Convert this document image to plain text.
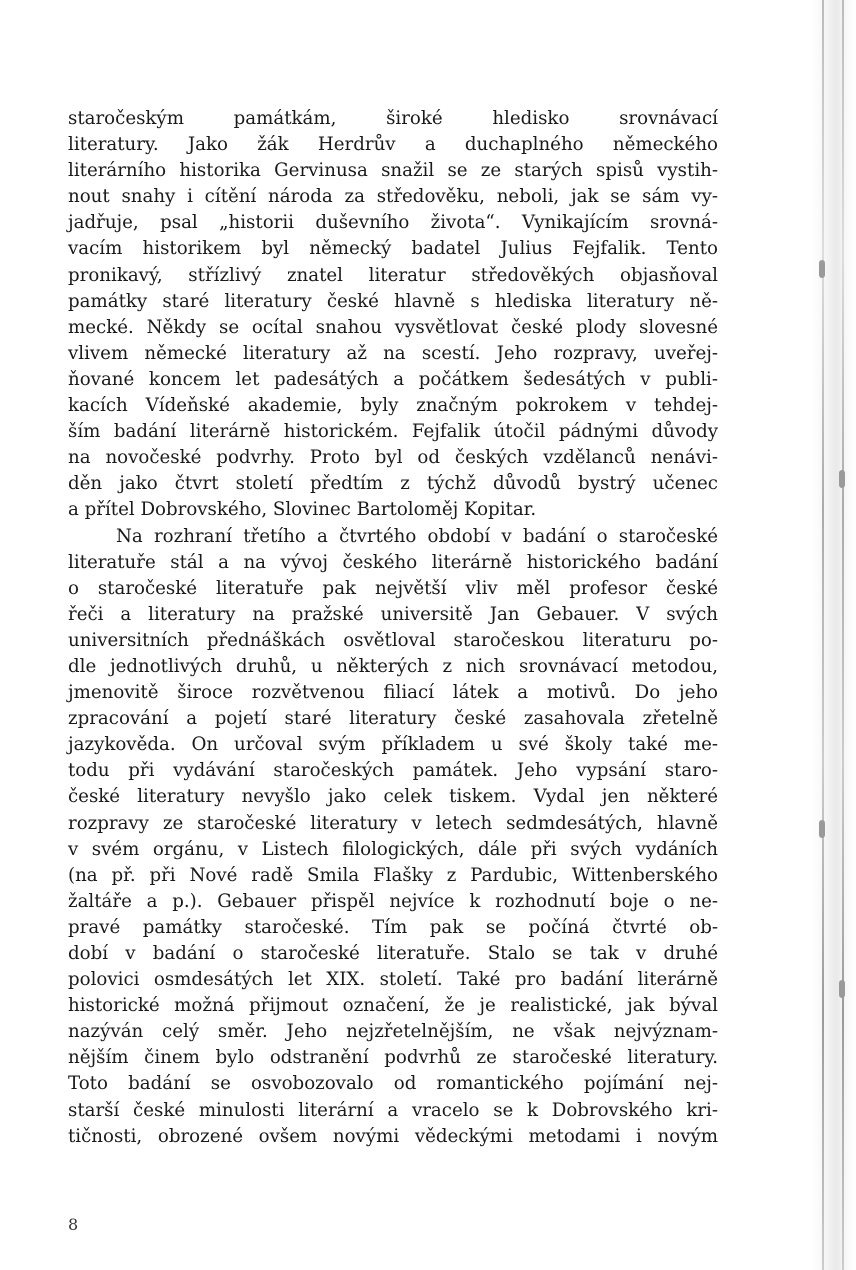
staročeským památkám, široké hledisko srovnávací
literatury. Jako žák Herdrův a duchaplného německého
literárního historika Gervinusa snažil se ze starých spisů vystih-
nout snahy i cítění národa za středověku, neboli, jak se sám vy-
jadřuje, psal „historii duševního života“. Vynikajícím srovná-
vacím historikem byl německý badatel Julius Fejfalik. Tento
pronikavý, střízlivý znatel literatur středověkých objasňoval
památky staré literatury české hlavně s hlediska literatury ně-
mecké. Někdy se ocítal snahou vysvětlovat české plody slovesné
vlivem německé literatury až na scestí. Jeho rozpravy, uveřej-
ňované koncem let padesátých a počátkem šedesátých v publi-
kacích Vídeňské akademie, byly značným pokrokem v tehdej-
ším badání literárně historickém. Fejfalik útočil pádnými důvody
na novočeské podvrhy. Proto byl od českých vzdělanců nenávi-
děn jako čtvrt století předtím z týchž důvodů bystrý učenec
a přítel Dobrovského, Slovinec Bartoloměj Kopitar.
Na rozhraní třetího a čtvrtého období v badání o staročeské
literatuře stál a na vývoj českého literárně historického badání
o staročeské literatuře pak největší vliv měl profesor české
řeči a literatury na pražské universitě Jan Gebauer. V svých
universitních přednáškách osvětloval staročeskou literaturu po-
dle jednotlivých druhů, u některých z nich srovnávací metodou,
jmenovitě široce rozvětvenou filiací látek a motivů. Do jeho
zpracování a pojetí staré literatury české zasahovala zřetelně
jazykověda. On určoval svým příkladem u své školy také me-
todu při vydávání staročeských památek. Jeho vypsání staro-
české literatury nevyšlo jako celek tiskem. Vydal jen některé
rozpravy ze staročeské literatury v letech sedmdesátých, hlavně
v svém orgánu, v Listech filologických, dále při svých vydáních
(na př. při Nové radě Smila Flašky z Pardubic, Wittenberského
žaltáře a p.). Gebauer přispěl nejvíce k rozhodnutí boje o ne-
pravé památky staročeské. Tím pak se počíná čtvrté ob-
dobí v badání o staročeské literatuře. Stalo se tak v druhé
polovici osmdesátých let XIX. století. Také pro badání literárně
historické možná přijmout označení, že je realistické, jak býval
nazýván celý směr. Jeho nejzřetelnějším, ne však nejvýznam-
nějším činem bylo odstranění podvrhů ze staročeské literatury.
Toto badání se osvobozovalo od romantického pojímání nej-
starší české minulosti literární a vracelo se k Dobrovského kri-
tičnosti, obrozené ovšem novými vědeckými metodami i novým
8
